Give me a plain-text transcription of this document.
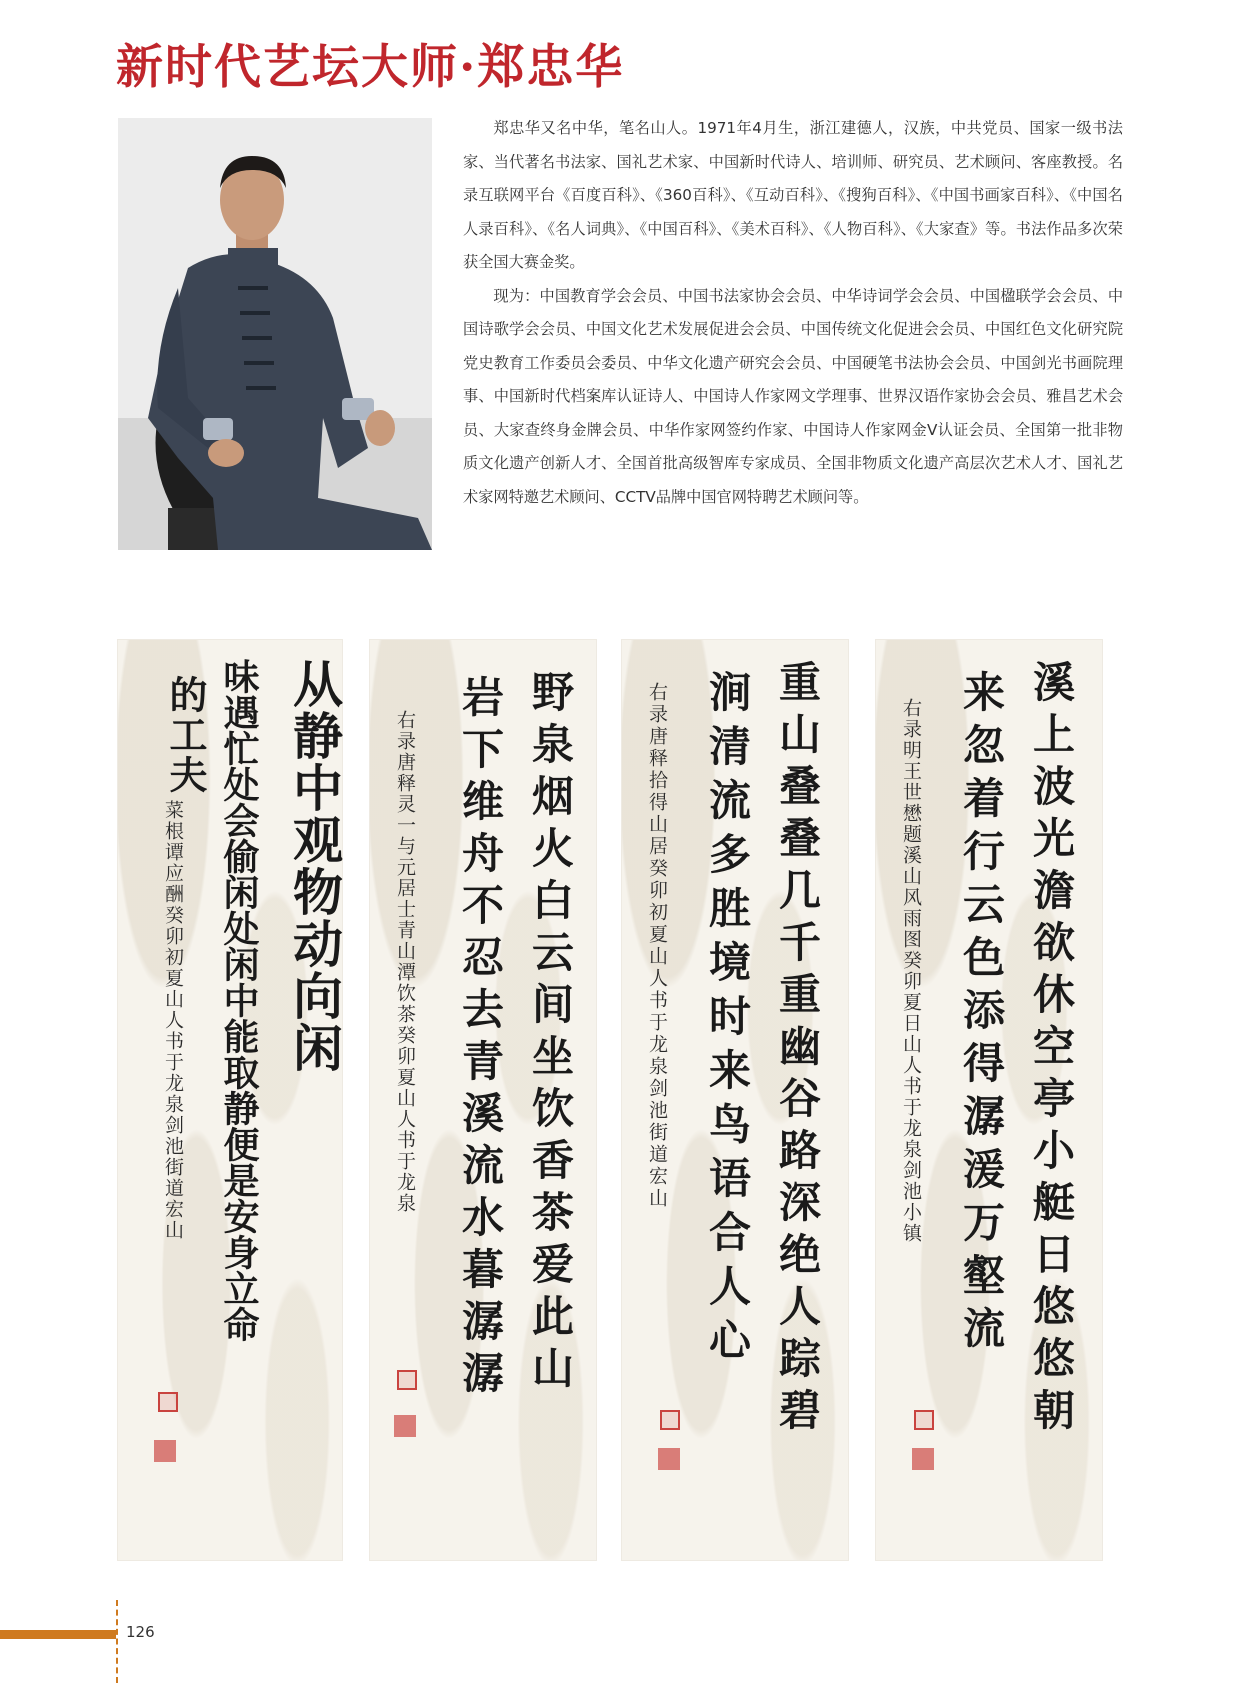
新时代艺坛大师·郑忠华

郑忠华又名中华，笔名山人。1971年4月生，浙江建德人，汉族，中共党员、国家一级书法家、当代著名书法家、国礼艺术家、中国新时代诗人、培训师、研究员、艺术顾问、客座教授。名录互联网平台《百度百科》、《360百科》、《互动百科》、《搜狗百科》、《中国书画家百科》、《中国名人录百科》、《名人词典》、《中国百科》、《美术百科》、《人物百科》、《大家查》等。书法作品多次荣获全国大赛金奖。

现为：中国教育学会会员、中国书法家协会会员、中华诗词学会会员、中国楹联学会会员、中国诗歌学会会员、中国文化艺术发展促进会会员、中国传统文化促进会会员、中国红色文化研究院党史教育工作委员会委员、中华文化遗产研究会会员、中国硬笔书法协会会员、中国剑光书画院理事、中国新时代档案库认证诗人、中国诗人作家网文学理事、世界汉语作家协会会员、雅昌艺术会员、大家查终身金牌会员、中华作家网签约作家、中国诗人作家网金V认证会员、全国第一批非物质文化遗产创新人才、全国首批高级智库专家成员、全国非物质文化遗产高层次艺术人才、国礼艺术家网特邀艺术顾问、CCTV品牌中国官网特聘艺术顾问等。

从静中观物动向闲
味遇忙处会偷闲处闲中能取静便是安身立命
的工夫
菜根谭应酬癸卯初夏山人书于龙泉剑池街道宏山	野泉烟火白云间坐饮香茶爱此山
岩下维舟不忍去青溪流水暮潺潺
右录唐释灵一与元居士青山潭饮茶癸卯夏山人书于龙泉	重山叠叠几千重幽谷路深绝人踪碧
涧清流多胜境时来鸟语合人心
右录唐释拾得山居癸卯初夏山人书于龙泉剑池街道宏山	溪上波光澹欲休空亭小艇日悠悠朝
来忽着行云色添得潺湲万壑流
右录明王世懋题溪山风雨图癸卯夏日山人书于龙泉剑池小镇
126
